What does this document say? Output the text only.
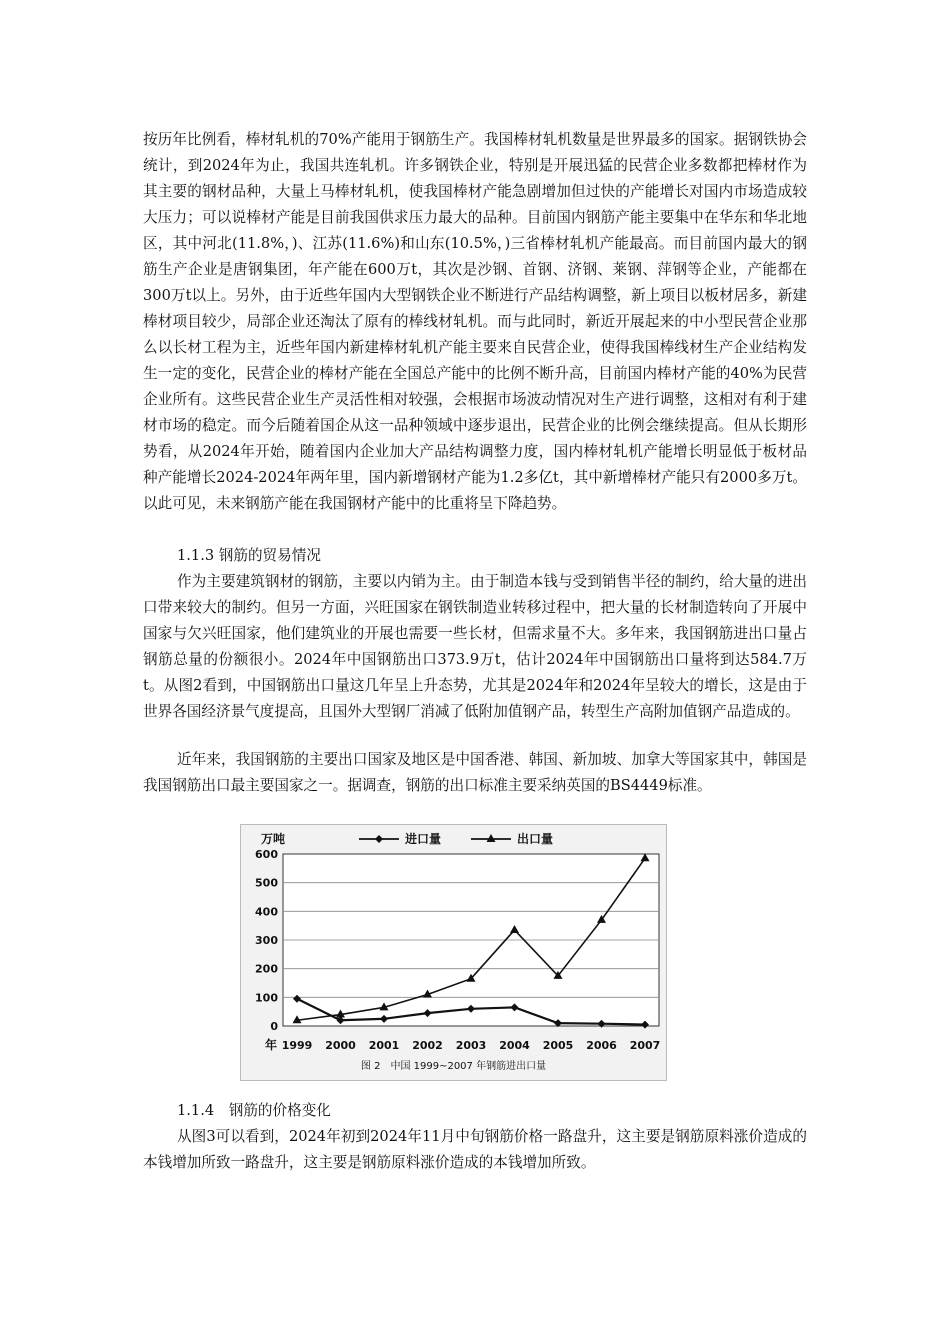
按历年比例看，棒材轧机的70%产能用于钢筋生产。我国棒材轧机数量是世界最多的国家。据钢铁协会统计，到2024年为止，我国共连轧机。许多钢铁企业，特别是开展迅猛的民营企业多数都把棒材作为其主要的钢材品种，大量上马棒材轧机，使我国棒材产能急剧增加但过快的产能增长对国内市场造成较大压力；可以说棒材产能是目前我国供求压力最大的品种。目前国内钢筋产能主要集中在华东和华北地区，其中河北(11.8%，)、江苏(11.6%)和山东(10.5%，)三省棒材轧机产能最高。而目前国内最大的钢筋生产企业是唐钢集团，年产能在600万t，其次是沙钢、首钢、济钢、莱钢、萍钢等企业，产能都在300万t以上。另外，由于近些年国内大型钢铁企业不断进行产品结构调整，新上项目以板材居多，新建棒材项目较少，局部企业还淘汰了原有的棒线材轧机。而与此同时，新近开展起来的中小型民营企业那么以长材工程为主，近些年国内新建棒材轧机产能主要来自民营企业，使得我国棒线材生产企业结构发生一定的变化，民营企业的棒材产能在全国总产能中的比例不断升高，目前国内棒材产能的40%为民营企业所有。这些民营企业生产灵活性相对较强，会根据市场波动情况对生产进行调整，这相对有利于建材市场的稳定。而今后随着国企从这一品种领域中逐步退出，民营企业的比例会继续提高。但从长期形势看，从2024年开始，随着国内企业加大产品结构调整力度，国内棒材轧机产能增长明显低于板材品种产能增长2024-2024年两年里，国内新增钢材产能为1.2多亿t，其中新增棒材产能只有2000多万t。以此可见，未来钢筋产能在我国钢材产能中的比重将呈下降趋势。

1.1.3 钢筋的贸易情况

作为主要建筑钢材的钢筋，主要以内销为主。由于制造本钱与受到销售半径的制约，给大量的进出口带来较大的制约。但另一方面，兴旺国家在钢铁制造业转移过程中，把大量的长材制造转向了开展中国家与欠兴旺国家，他们建筑业的开展也需要一些长材，但需求量不大。多年来，我国钢筋进出口量占钢筋总量的份额很小。2024年中国钢筋出口373.9万t，估计2024年中国钢筋出口量将到达584.7万t。从图2看到，中国钢筋出口量这几年呈上升态势，尤其是2024年和2024年呈较大的增长，这是由于世界各国经济景气度提高，且国外大型钢厂消减了低附加值钢产品，转型生产高附加值钢产品造成的。

近年来，我国钢筋的主要出口国家及地区是中国香港、韩国、新加坡、加拿大等国家其中，韩国是我国钢筋出口最主要国家之一。据调查，钢筋的出口标准主要采纳英国的BS4449标准。

0
100
200
300
400
500
600
万吨
年 1999 2000 2001 2002 2003 2004 2005 2006 2007
进口量	出口量
图 2　中国 1999~2007 年钢筋进出口量

1.1.4　钢筋的价格变化

从图3可以看到，2024年初到2024年11月中旬钢筋价格一路盘升，这主要是钢筋原料涨价造成的本钱增加所致一路盘升，这主要是钢筋原料涨价造成的本钱增加所致。
